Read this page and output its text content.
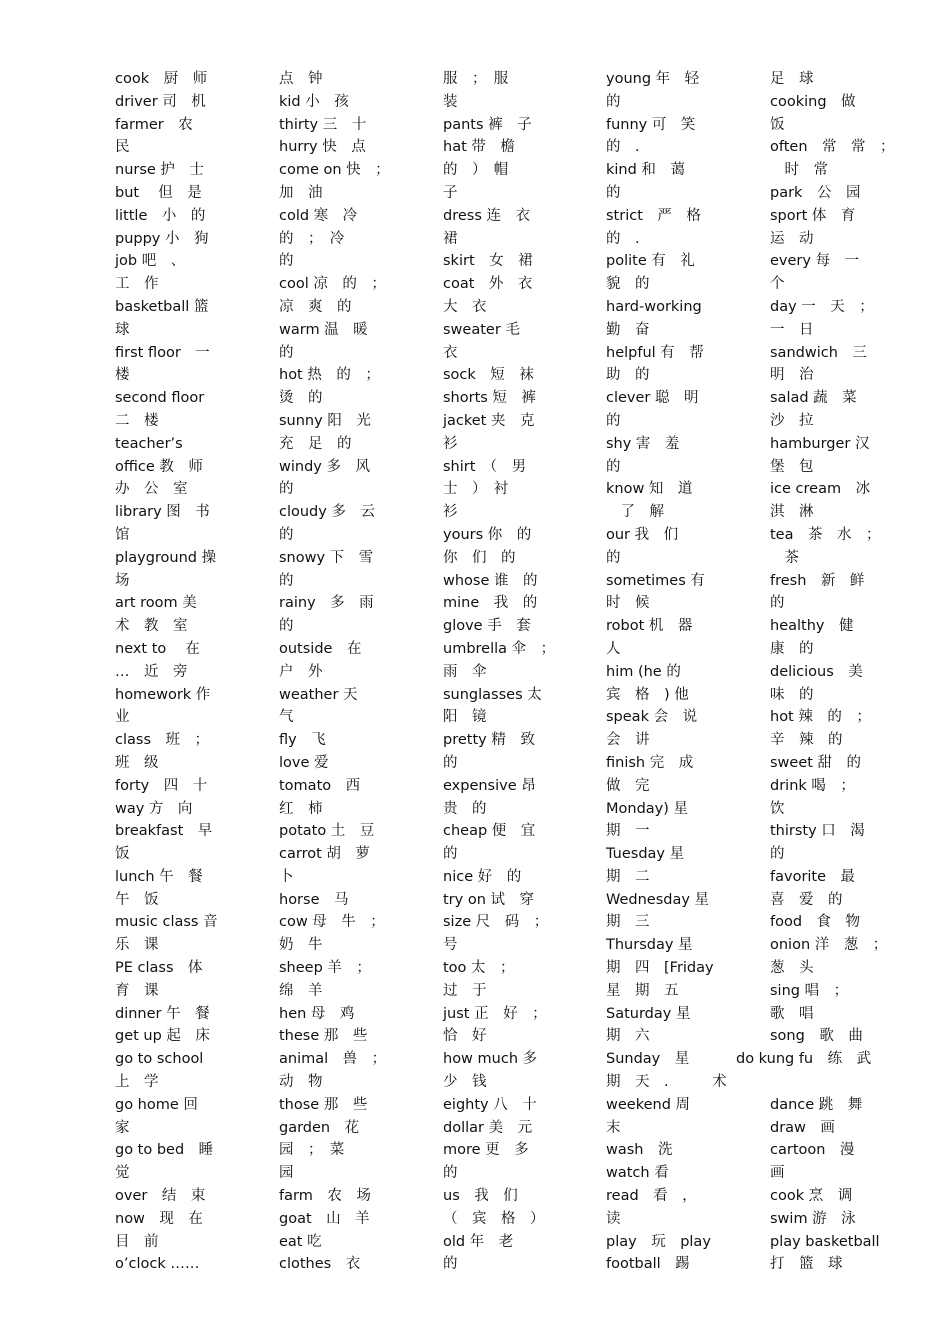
cook　厨　师
driver 司　机
farmer　农
民
nurse 护　士
but　 但　是
little　小　的
puppy 小　狗
job 吧　、
工　作
basketball 篮
球
first floor　一
楼
second floor
二　楼
teacher’s
office 教　师
办　公　室
library 图　书
馆
playground 操
场
art room 美
术　教　室
next to　 在
…　近　旁
homework 作
业
class　班　；
班　级
forty　四　十
way 方　向
breakfast　早
饭
lunch 午　餐
午　饭
music class 音
乐　课
PE class　体
育　课
dinner 午　餐
get up 起　床
go to school
上　学
go home 回
家
go to bed　睡
觉
over　结　束
now　现　在
目　前
o’clock ……
点　钟
kid 小　孩
thirty 三　十
hurry 快　点
come on 快　；
加　油
cold 寒　冷
的　；　冷
的
cool 凉　的　；
凉　爽　的
warm 温　暖
的
hot 热　的　；
烫　的
sunny 阳　光
充　足　的
windy 多　风
的
cloudy 多　云
的
snowy 下　雪
的
rainy　多　雨
的
outside　在
户　外
weather 天
气
fly　飞
love 爱
tomato　西
红　柿
potato 土　豆
carrot 胡　萝
卜
horse　马
cow 母　牛　；
奶　牛
sheep 羊　；
绵　羊
hen 母　鸡
these 那　些
animal　兽　；
动　物
those 那　些
garden　花
园　；　菜
园
farm　农　场
goat　山　羊
eat 吃
clothes　衣
服　；　服
装
pants 裤　子
hat 带　檐
的　）　帽
子
dress 连　衣
裙
skirt　女　裙
coat　外　衣
大　衣
sweater 毛
衣
sock　短　袜
shorts 短　裤
jacket 夹　克
衫
shirt　（　男
士　）　衬
衫
yours 你　的
你　们　的
whose 谁　的
mine　我　的
glove 手　套
umbrella 伞　；
雨　伞
sunglasses 太
阳　镜
pretty 精　致
的
expensive 昂
贵　的
cheap 便　宜
的
nice 好　的
try on 试　穿
size 尺　码　；
号
too 太　；
过　于
just 正　好　；
恰　好
how much 多
少　钱
eighty 八　十
dollar 美　元
more 更　多
的
us　我　们
（　宾　格　）
old 年　老
的
young 年　轻
的
funny 可　笑
的　.
kind 和　蔼
的
strict　严　格
的　.
polite 有　礼
貌　的
hard-working
勤　奋
helpful 有　帮
助　的
clever 聪　明
的
shy 害　羞
的
know 知　道
　了　解
our 我　们
的
sometimes 有
时　候
robot 机　器
人
him (he 的
宾　格　) 他
speak 会　说
会　讲
finish 完　成
做　完
Monday) 星
期　一
Tuesday 星
期　二
Wednesday 星
期　三
Thursday 星
期　四　[Friday
星　期　五
Saturday 星
期　六
Sunday　星
期　天　.　　　术
weekend 周
末
wash　洗
watch 看
read　看　，
读
play　玩　play
football　踢
足　球
cooking　做
饭
often　常　常　；
　时　常
park　公　园
sport 体　育
运　动
every 每　一
个
day 一　天　；
一　日
sandwich　三
明　治
salad 蔬　菜
沙　拉
hamburger 汉
堡　包
ice cream　冰
淇　淋
tea　茶　水　；
　茶
fresh　新　鲜
的
healthy　健
康　的
delicious　美
味　的
hot 辣　的　；
辛　辣　的
sweet 甜　的
drink 喝　；
饮
thirsty 口　渴
的
favorite　最
喜　爱　的
food　食　物
onion 洋　葱　；
葱　头
sing 唱　；
歌　唱
song　歌　曲
do kung fu　练　武
dance 跳　舞
draw　画
cartoon　漫
画
cook 烹　调
swim 游　泳
play basketball
打　篮　球
